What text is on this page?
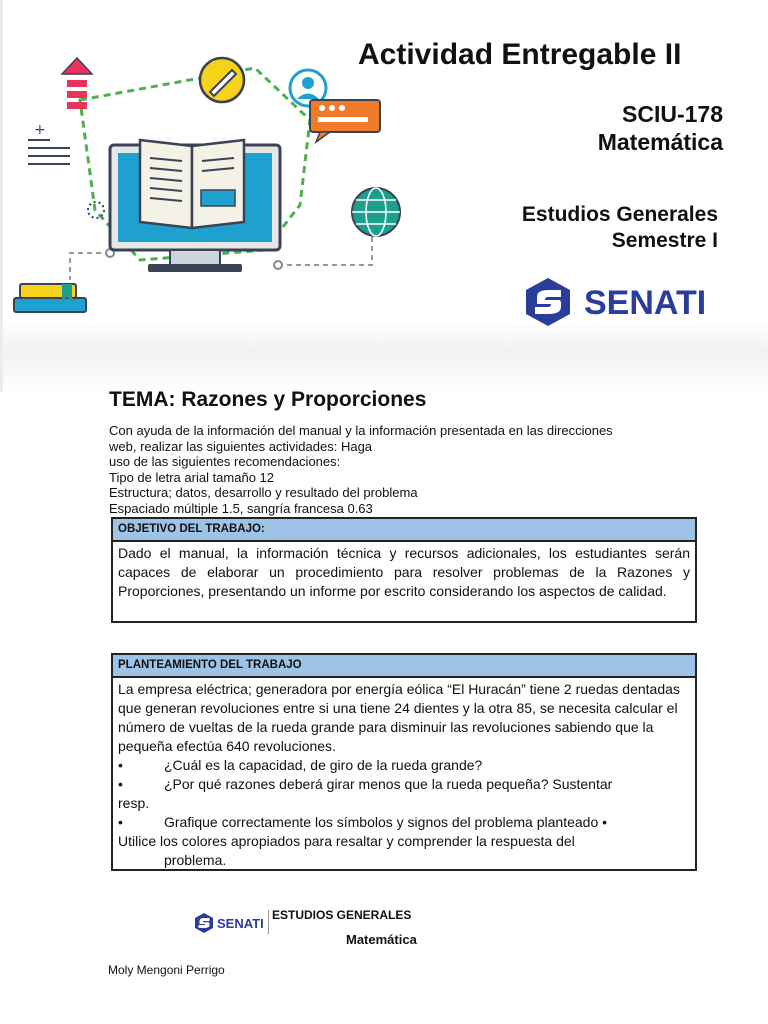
+
Actividad Entregable II
SCIU-178
Matemática
Estudios Generales
Semestre I
SENATI
TEMA: Razones y Proporciones
Con ayuda de la información del manual y la información presentada en las direcciones
web, realizar las siguientes actividades: Haga
uso de las siguientes recomendaciones:
Tipo de letra arial tamaño 12
Estructura; datos, desarrollo y resultado del problema
Espaciado múltiple 1.5, sangría francesa 0.63
OBJETIVO DEL TRABAJO:
Dado el manual, la información técnica y recursos adicionales, los estudiantes serán capaces de elaborar un procedimiento para resolver problemas de la Razones y Proporciones, presentando un informe por escrito considerando los aspectos de calidad.
PLANTEAMIENTO DEL TRABAJO
La empresa eléctrica; generadora por energía eólica “El Huracán” tiene 2 ruedas dentadas que generan revoluciones entre si una tiene 24 dientes y la otra 85, se necesita calcular el número de vueltas de la rueda grande para disminuir las revoluciones sabiendo que la pequeña efectúa 640 revoluciones.
•	¿Cuál es la capacidad, de giro de la rueda grande?
•	¿Por qué razones deberá girar menos que la rueda pequeña? Sustentar
resp.
•	Grafique correctamente los símbolos y signos del problema planteado •
Utilice los colores apropiados para resaltar y comprender la respuesta del
problema.
SENATI
ESTUDIOS GENERALES
Matemática
Moly Mengoni Perrigo
